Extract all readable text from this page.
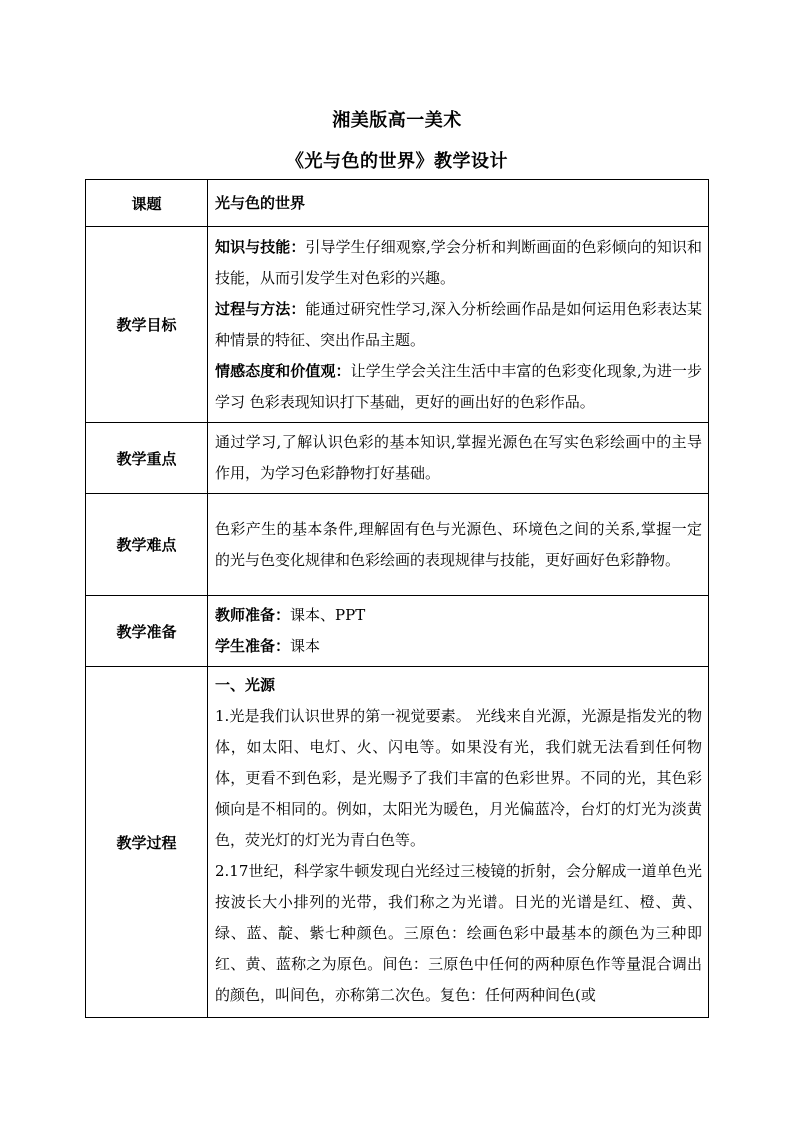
湘美版高一美术
《光与色的世界》教学设计
课题	光与色的世界
教学目标	知识与技能：引导学生仔细观察,学会分析和判断画面的色彩倾向的知识和技能，从而引发学生对色彩的兴趣。

过程与方法：能通过研究性学习,深入分析绘画作品是如何运用色彩表达某种情景的特征、突出作品主题。

情感态度和价值观：让学生学会关注生活中丰富的色彩变化现象,为进一步学习 色彩表现知识打下基础，更好的画出好的色彩作品。

教学重点	通过学习,了解认识色彩的基本知识,掌握光源色在写实色彩绘画中的主导作用，为学习色彩静物打好基础。
教学难点	色彩产生的基本条件,理解固有色与光源色、环境色之间的关系,掌握一定的光与色变化规律和色彩绘画的表现规律与技能，更好画好色彩静物。
教学准备	教师准备：课本、PPT

学生准备：课本

教学过程	一、光源

1.光是我们认识世界的第一视觉要素。 光线来自光源，光源是指发光的物体，如太阳、电灯、火、闪电等。如果没有光，我们就无法看到任何物体，更看不到色彩，是光赐予了我们丰富的色彩世界。不同的光，其色彩倾向是不相同的。例如，太阳光为暖色，月光偏蓝冷，台灯的灯光为淡黄色，荧光灯的灯光为青白色等。

2.17世纪，科学家牛顿发现白光经过三棱镜的折射，会分解成一道单色光按波长大小排列的光带，我们称之为光谱。日光的光谱是红、橙、黄、绿、蓝、靛、紫七种颜色。三原色：绘画色彩中最基本的颜色为三种即红、黄、蓝称之为原色。间色：三原色中任何的两种原色作等量混合调出的颜色，叫间色，亦称第二次色。复色：任何两种间色(或
